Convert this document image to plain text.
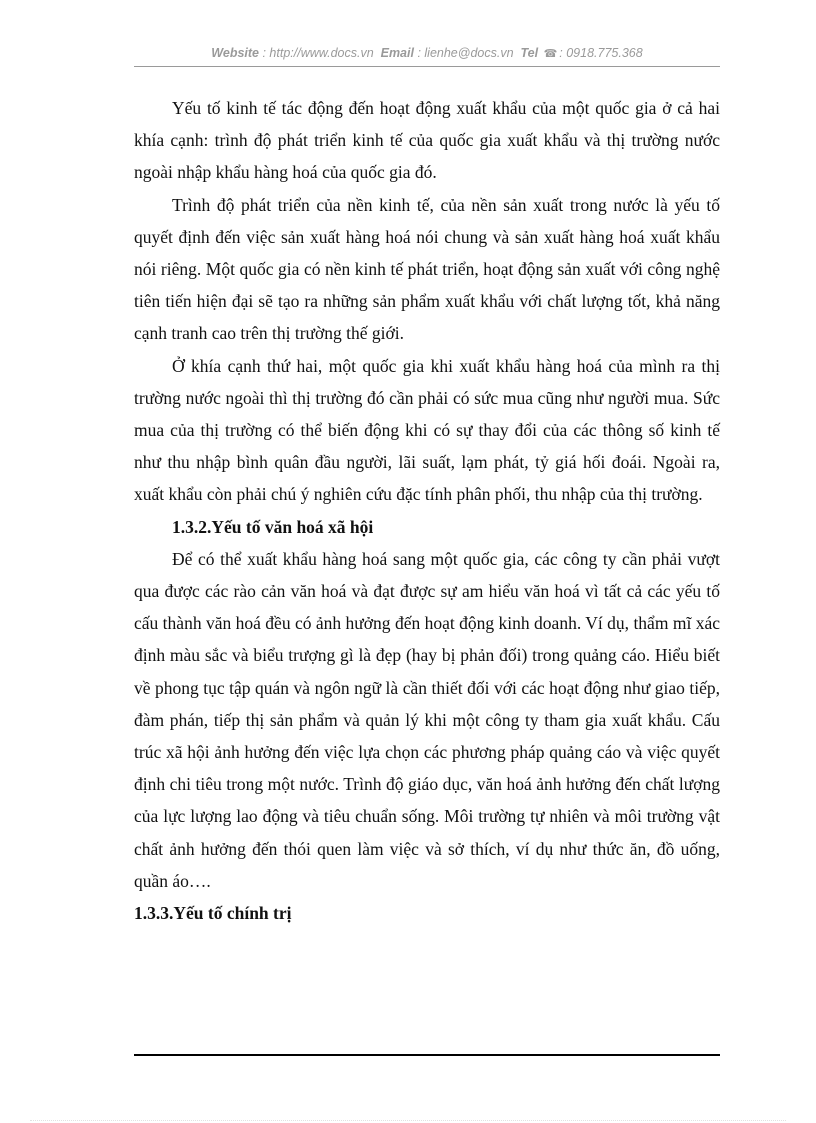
Website : http://www.docs.vn Email : lienhe@docs.vn Tel ☎ : 0918.775.368

Yếu tố kinh tế tác động đến hoạt động xuất khẩu của một quốc gia ở cả hai khía cạnh: trình độ phát triển kinh tế của quốc gia xuất khẩu và thị trường nước ngoài nhập khẩu hàng hoá của quốc gia đó.

Trình độ phát triển của nền kinh tế, của nền sản xuất trong nước là yếu tố quyết định đến việc sản xuất hàng hoá nói chung và sản xuất hàng hoá xuất khẩu nói riêng. Một quốc gia có nền kinh tế phát triển, hoạt động sản xuất với công nghệ tiên tiến hiện đại sẽ tạo ra những sản phẩm xuất khẩu với chất lượng tốt, khả năng cạnh tranh cao trên thị trường thế giới.

Ở khía cạnh thứ hai, một quốc gia khi xuất khẩu hàng hoá của mình ra thị trường nước ngoài thì thị trường đó cần phải có sức mua cũng như người mua. Sức mua của thị trường có thể biến động khi có sự thay đổi của các thông số kinh tế như thu nhập bình quân đầu người, lãi suất, lạm phát, tỷ giá hối đoái. Ngoài ra, xuất khẩu còn phải chú ý nghiên cứu đặc tính phân phối, thu nhập của thị trường.

1.3.2.Yếu tố văn hoá xã hội

Để có thể xuất khẩu hàng hoá sang một quốc gia, các công ty cần phải vượt qua được các rào cản văn hoá và đạt được sự am hiểu văn hoá vì tất cả các yếu tố cấu thành văn hoá đều có ảnh hưởng đến hoạt động kinh doanh. Ví dụ, thẩm mĩ xác định màu sắc và biểu trượng gì là đẹp (hay bị phản đối) trong quảng cáo. Hiểu biết về phong tục tập quán và ngôn ngữ là cần thiết đối với các hoạt động như giao tiếp, đàm phán, tiếp thị sản phẩm và quản lý khi một công ty tham gia xuất khẩu. Cấu trúc xã hội ảnh hưởng đến việc lựa chọn các phương pháp quảng cáo và việc quyết định chi tiêu trong một nước. Trình độ giáo dục, văn hoá ảnh hưởng đến chất lượng của lực lượng lao động và tiêu chuẩn sống. Môi trường tự nhiên và môi trường vật chất ảnh hưởng đến thói quen làm việc và sở thích, ví dụ như thức ăn, đồ uống, quần áo….

1.3.3.Yếu tố chính trị
